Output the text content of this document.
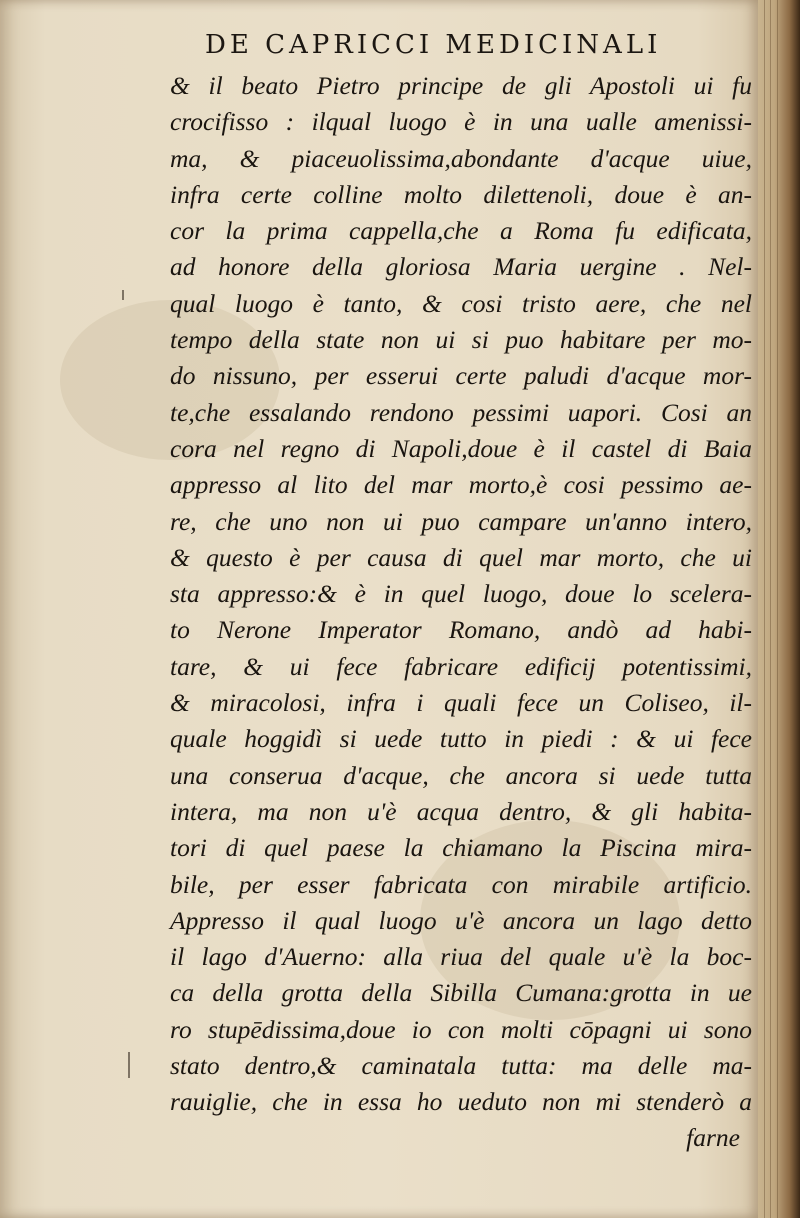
DE CAPRICCI MEDICINALI
& il beato Pietro principe de gli Apostoli ui fu
crocifisso : ilqual luogo è in una ualle amenissi-
ma, & piaceuolissima,abondante d'acque uiue,
infra certe colline molto dilettenoli, doue è an-
cor la prima cappella,che a Roma fu edificata,
ad honore della gloriosa Maria uergine . Nel-
qual luogo è tanto, & cosi tristo aere, che nel
tempo della state non ui si puo habitare per mo-
do nissuno, per esserui certe paludi d'acque mor-
te,che essalando rendono pessimi uapori. Cosi an
cora nel regno di Napoli,doue è il castel di Baia
appresso al lito del mar morto,è cosi pessimo ae-
re, che uno non ui puo campare un'anno intero,
& questo è per causa di quel mar morto, che ui
sta appresso:& è in quel luogo, doue lo scelera-
to Nerone Imperator Romano, andò ad habi-
tare, & ui fece fabricare edificij potentissimi,
& miracolosi, infra i quali fece un Coliseo, il-
quale hoggidì si uede tutto in piedi : & ui fece
una conserua d'acque, che ancora si uede tutta
intera, ma non u'è acqua dentro, & gli habita-
tori di quel paese la chiamano la Piscina mira-
bile, per esser fabricata con mirabile artificio.
Appresso il qual luogo u'è ancora un lago detto
il lago d'Auerno: alla riua del quale u'è la boc-
ca della grotta della Sibilla Cumana:grotta in ue
ro stupēdissima,doue io con molti cōpagni ui sono
stato dentro,& caminatala tutta: ma delle ma-
rauiglie, che in essa ho ueduto non mi stenderò a
farne
